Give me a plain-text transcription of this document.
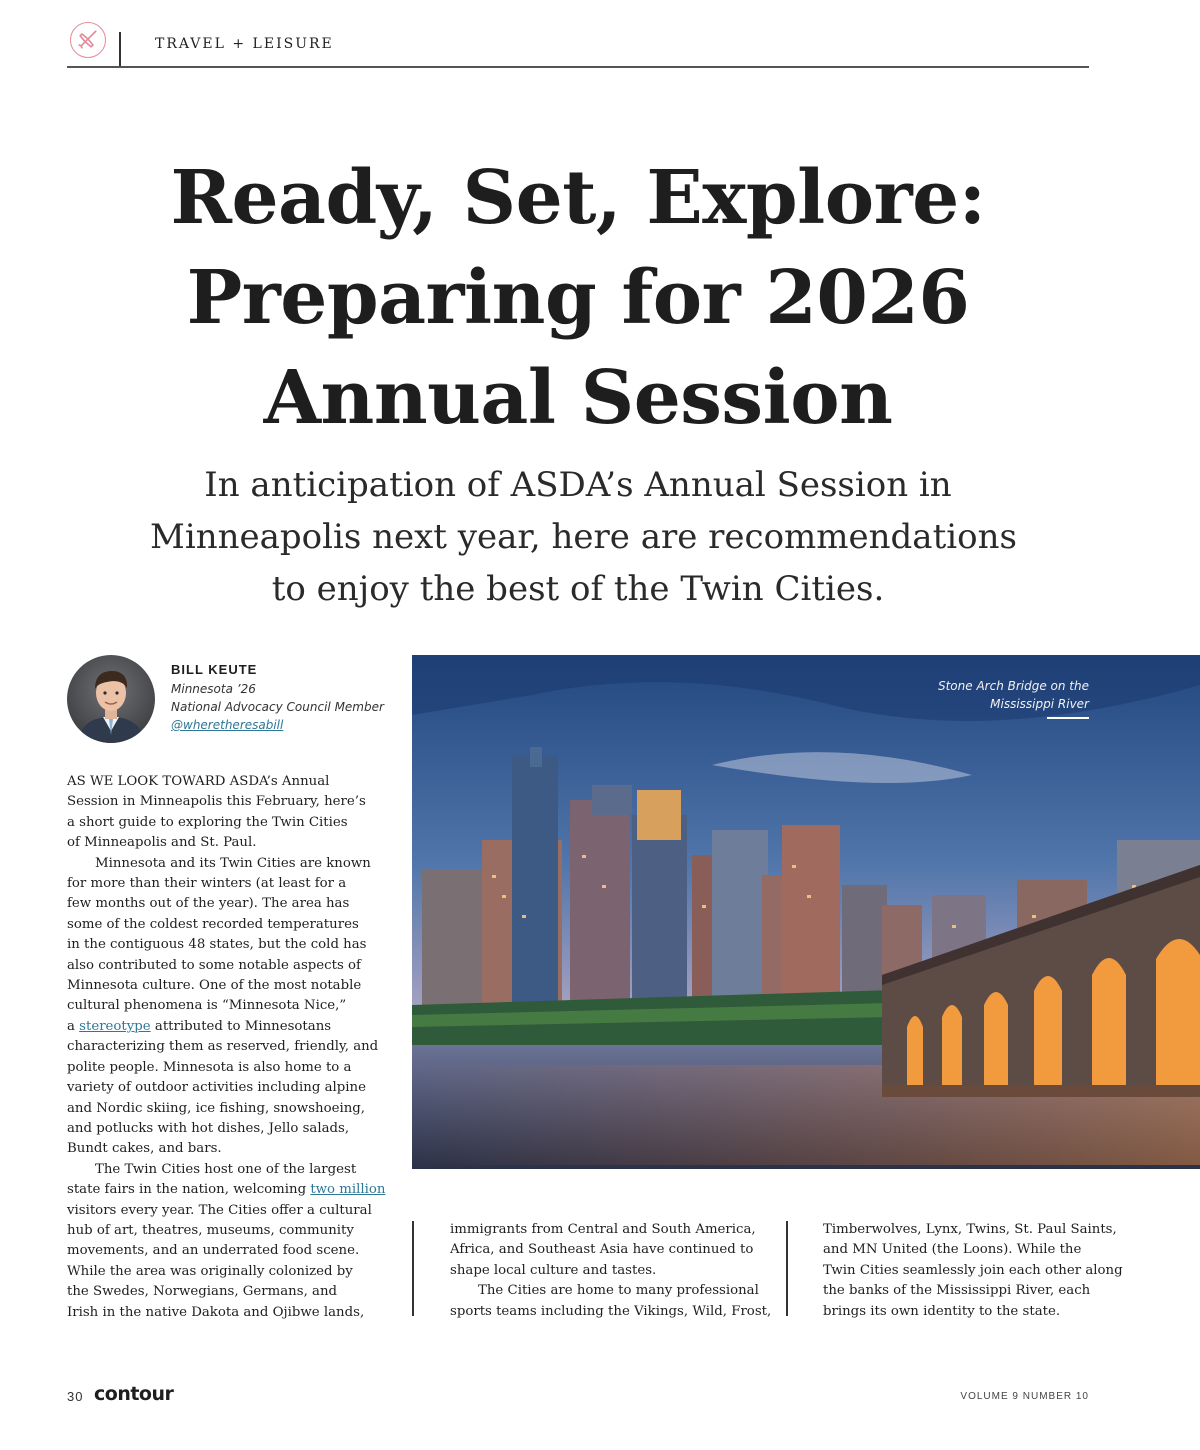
TRAVEL + LEISURE
Ready, Set, Explore:
Preparing for 2026
Annual Session
In anticipation of ASDA’s Annual Session in
Minneapolis next year, here are recommendations
to enjoy the best of the Twin Cities.
BILL KEUTE
Minnesota ’26
National Advocacy Council Member
@wheretheresabill
Stone Arch Bridge on the
Mississippi River
AS WE LOOK TOWARD ASDA’s Annual
Session in Minneapolis this February, here’s
a short guide to exploring the Twin Cities
of Minneapolis and St. Paul.
Minnesota and its Twin Cities are known
for more than their winters (at least for a
few months out of the year). The area has
some of the coldest recorded temperatures
in the contiguous 48 states, but the cold has
also contributed to some notable aspects of
Minnesota culture. One of the most notable
cultural phenomena is “Minnesota Nice,”
a stereotype attributed to Minnesotans
characterizing them as reserved, friendly, and
polite people. Minnesota is also home to a
variety of outdoor activities including alpine
and Nordic skiing, ice fishing, snowshoeing,
and potlucks with hot dishes, Jello salads,
Bundt cakes, and bars.
The Twin Cities host one of the largest
state fairs in the nation, welcoming two million
visitors every year. The Cities offer a cultural
hub of art, theatres, museums, community
movements, and an underrated food scene.
While the area was originally colonized by
the Swedes, Norwegians, Germans, and
Irish in the native Dakota and Ojibwe lands,
immigrants from Central and South America,
Africa, and Southeast Asia have continued to
shape local culture and tastes.
The Cities are home to many professional
sports teams including the Vikings, Wild, Frost,
Timberwolves, Lynx, Twins, St. Paul Saints,
and MN United (the Loons). While the
Twin Cities seamlessly join each other along
the banks of the Mississippi River, each
brings its own identity to the state.
30 contour	VOLUME 9 NUMBER 10
